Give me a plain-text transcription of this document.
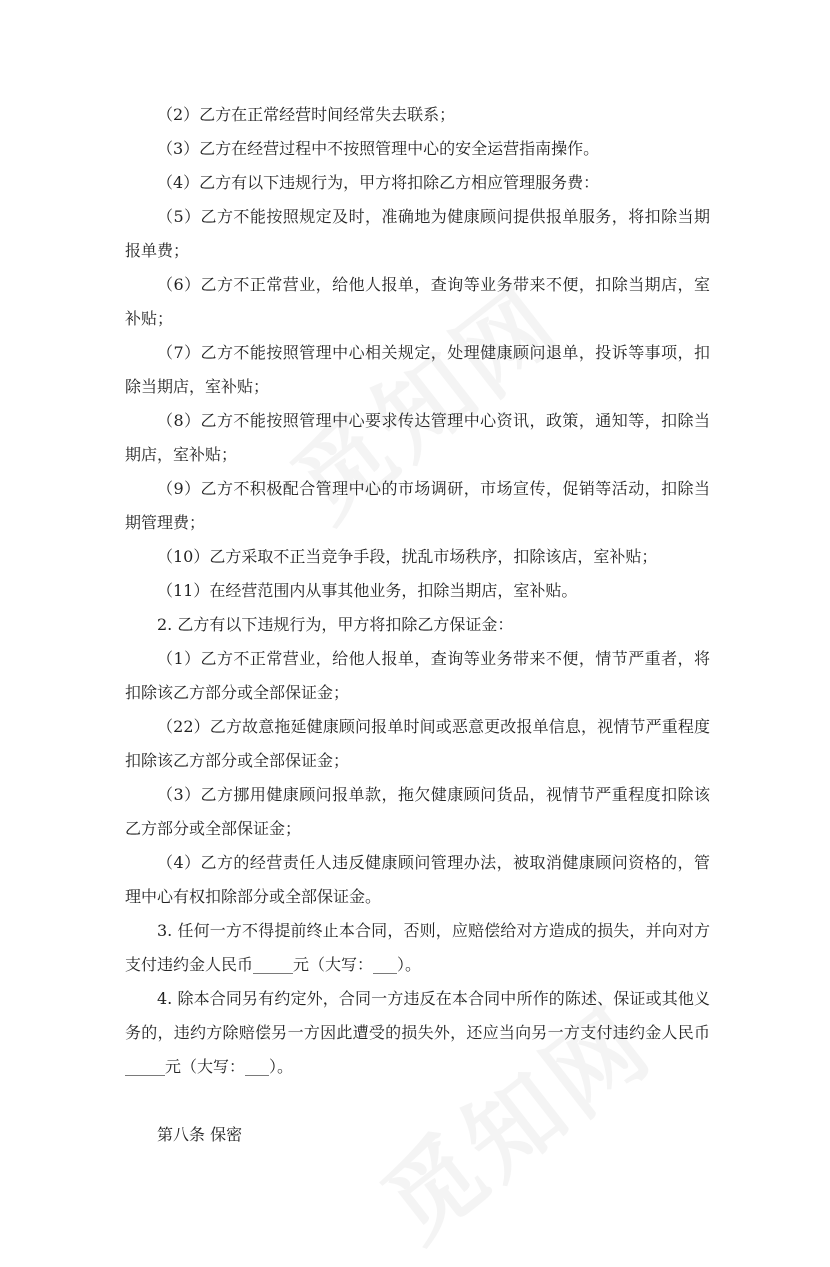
（2）乙方在正常经营时间经常失去联系；

（3）乙方在经营过程中不按照管理中心的安全运营指南操作。

（4）乙方有以下违规行为，甲方将扣除乙方相应管理服务费：

（5）乙方不能按照规定及时，准确地为健康顾问提供报单服务，将扣除当期报单费；

（6）乙方不正常营业，给他人报单，查询等业务带来不便，扣除当期店，室补贴；

（7）乙方不能按照管理中心相关规定，处理健康顾问退单，投诉等事项，扣除当期店，室补贴；

（8）乙方不能按照管理中心要求传达管理中心资讯，政策，通知等，扣除当期店，室补贴；

（9）乙方不积极配合管理中心的市场调研，市场宣传，促销等活动，扣除当期管理费；

（10）乙方采取不正当竞争手段，扰乱市场秩序，扣除该店，室补贴；

（11）在经营范围内从事其他业务，扣除当期店，室补贴。

2. 乙方有以下违规行为，甲方将扣除乙方保证金：

（1）乙方不正常营业，给他人报单，查询等业务带来不便，情节严重者，将扣除该乙方部分或全部保证金；

（22）乙方故意拖延健康顾问报单时间或恶意更改报单信息，视情节严重程度扣除该乙方部分或全部保证金；

（3）乙方挪用健康顾问报单款，拖欠健康顾问货品，视情节严重程度扣除该乙方部分或全部保证金；

（4）乙方的经营责任人违反健康顾问管理办法，被取消健康顾问资格的，管理中心有权扣除部分或全部保证金。

3. 任何一方不得提前终止本合同，否则，应赔偿给对方造成的损失，并向对方支付违约金人民币_____元（大写：___）。

4. 除本合同另有约定外，合同一方违反在本合同中所作的陈述、保证或其他义务的，违约方除赔偿另一方因此遭受的损失外，还应当向另一方支付违约金人民币_____元（大写：___）。

第八条 保密
